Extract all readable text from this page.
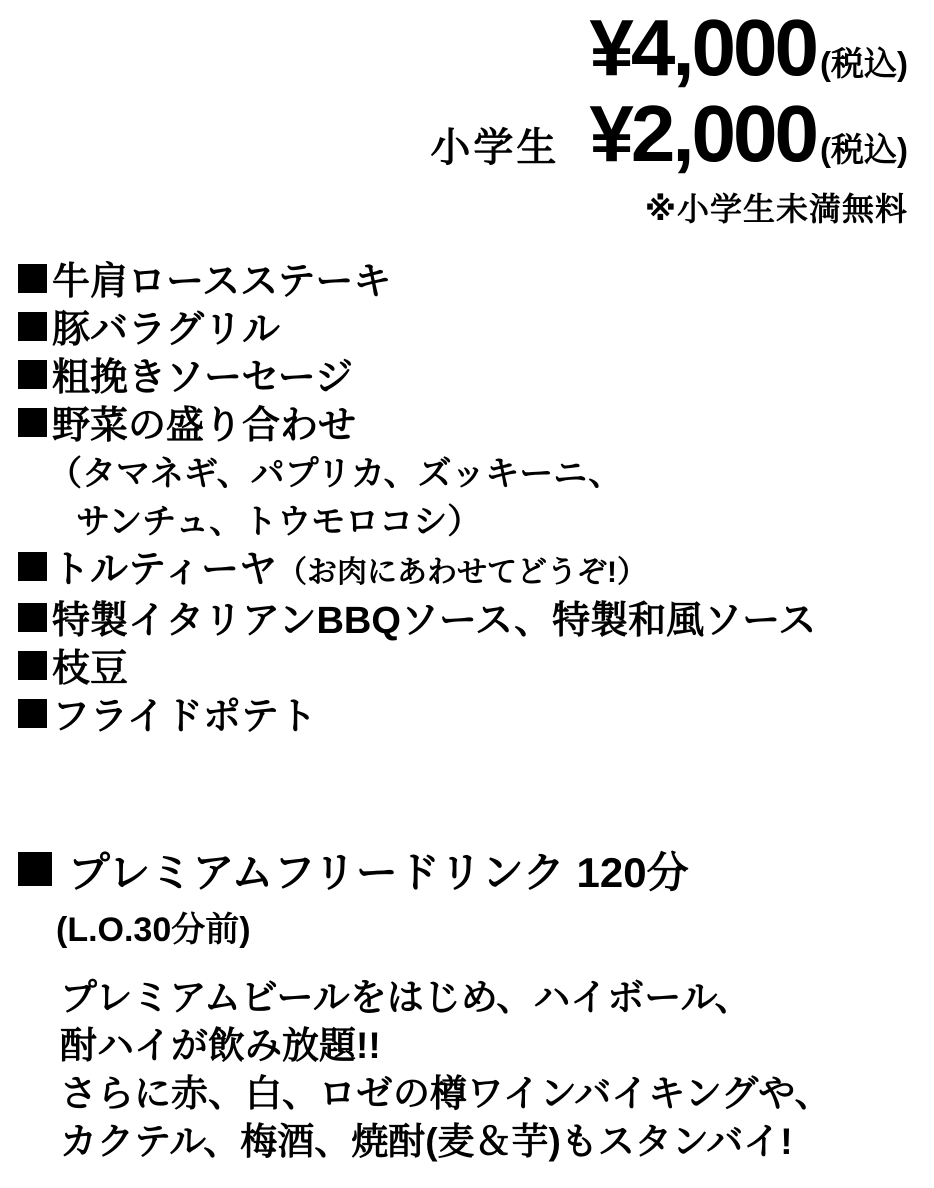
¥4,000 (税込)
小学生 ¥2,000 (税込)
※小学生未満無料
牛肩ロースステーキ
豚バラグリル
粗挽きソーセージ
野菜の盛り合わせ
（タマネギ、パプリカ、ズッキーニ、
サンチュ、トウモロコシ）
トルティーヤ（お肉にあわせてどうぞ!）
特製イタリアンBBQソース、特製和風ソース
枝豆
フライドポテト
プレミアムフリードリンク 120分
(L.O.30分前)
プレミアムビールをはじめ、ハイボール、
酎ハイが飲み放題!!
さらに赤、白、ロゼの樽ワインバイキングや、
カクテル、梅酒、焼酎(麦＆芋)もスタンバイ!
